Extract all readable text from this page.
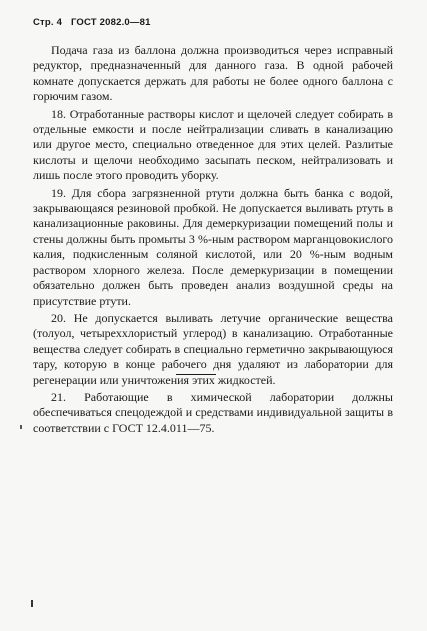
Стр. 4 ГОСТ 2082.0—81

Подача газа из баллона должна производиться через исправный редуктор, предназначенный для данного газа. В одной рабочей комнате допускается держать для работы не более одного баллона с горючим газом.

18. Отработанные растворы кислот и щелочей следует собирать в отдельные емкости и после нейтрализации сливать в канализацию или другое место, специально отведенное для этих целей. Разлитые кислоты и щелочи необходимо засыпать песком, нейтрализовать и лишь после этого проводить уборку.

19. Для сбора загрязненной ртути должна быть банка с водой, закрывающаяся резиновой пробкой. Не допускается выливать ртуть в канализационные раковины. Для демеркуризации помещений полы и стены должны быть промыты 3 %-ным раствором марганцовокислого калия, подкисленным соляной кислотой, или 20 %-ным водным раствором хлорного железа. После демеркуризации в помещении обязательно должен быть проведен анализ воздушной среды на присутствие ртути.

20. Не допускается выливать летучие органические вещества (толуол, четыреххлористый углерод) в канализацию. Отработанные вещества следует собирать в специально герметично закрывающуюся тару, которую в конце рабочего дня удаляют из лаборатории для регенерации или уничтожения этих жидкостей.

21. Работающие в химической лаборатории должны обеспечиваться спецодеждой и средствами индивидуальной защиты в соответствии с ГОСТ 12.4.011—75.
